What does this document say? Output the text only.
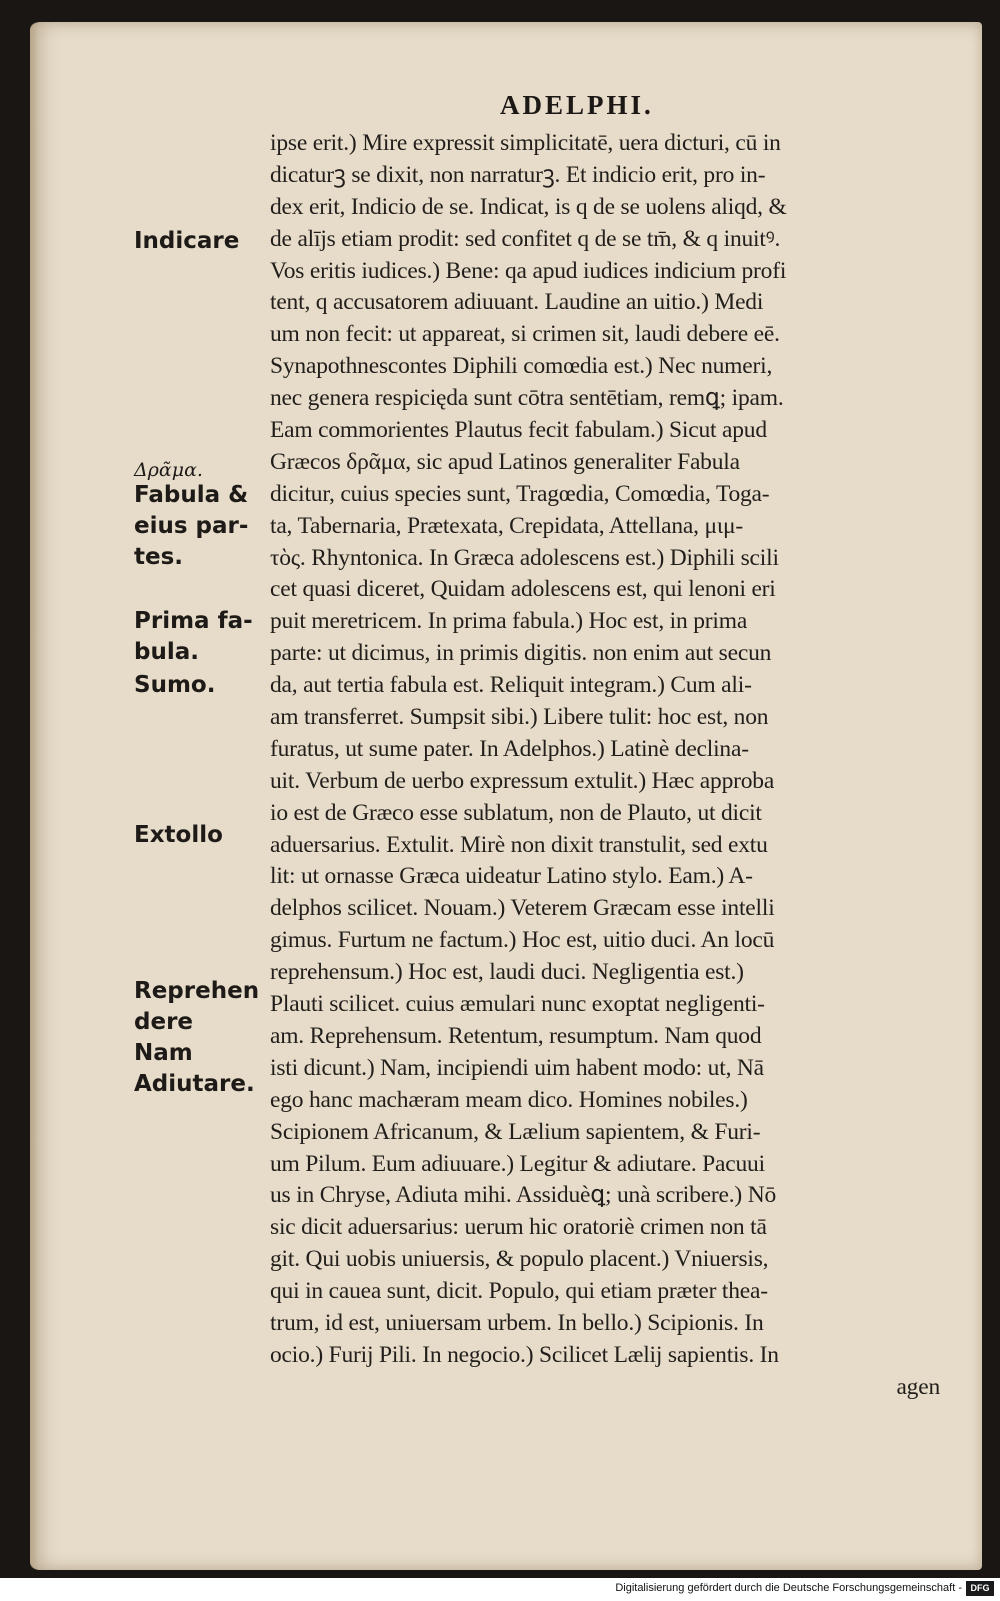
ADELPHI.
Indicare
Δρᾶμα.
Fabula &
eius par-
tes.
Prima fa-
bula.
Sumo.
Extollo
Reprehen
dere
Nam
Adiutare.
ipse erit.) Mire expressit simplicitatē, uera dicturi, cū in
dicaturꝫ se dixit, non narraturꝫ. Et indicio erit, pro in-
dex erit, Indicio de se. Indicat, is q de se uolens aliqd, &
de alījs etiam prodit: sed confitet q de se tm̄, & q inuitꝰ.
Vos eritis iudices.) Bene: qa apud iudices indicium profi
tent, q accusatorem adiuuant. Laudine an uitio.) Medi
um non fecit: ut appareat, si crimen sit, laudi debere eē.
Synapothnescontes Diphili comœdia est.) Nec numeri,
nec genera respicięda sunt cōtra sentētiam, remꝗ; ipam.
Eam commorientes Plautus fecit fabulam.) Sicut apud
Græcos δρᾶμα, sic apud Latinos generaliter Fabula
dicitur, cuius species sunt, Tragœdia, Comœdia, Toga-
ta, Tabernaria, Prætexata, Crepidata, Attellana, μιμ-
τὸς. Rhyntonica. In Græca adolescens est.) Diphili scili
cet quasi diceret, Quidam adolescens est, qui lenoni eri
puit meretricem. In prima fabula.) Hoc est, in prima
parte: ut dicimus, in primis digitis. non enim aut secun
da, aut tertia fabula est. Reliquit integram.) Cum ali-
am transferret. Sumpsit sibi.) Libere tulit: hoc est, non
furatus, ut sume pater. In Adelphos.) Latinè declina-
uit. Verbum de uerbo expressum extulit.) Hæc approba
io est de Græco esse sublatum, non de Plauto, ut dicit
aduersarius. Extulit. Mirè non dixit transtulit, sed extu
lit: ut ornasse Græca uideatur Latino stylo. Eam.) A-
delphos scilicet. Nouam.) Veterem Græcam esse intelli
gimus. Furtum ne factum.) Hoc est, uitio duci. An locū
reprehensum.) Hoc est, laudi duci. Negligentia est.)
Plauti scilicet. cuius æmulari nunc exoptat negligenti-
am. Reprehensum. Retentum, resumptum. Nam quod
isti dicunt.) Nam, incipiendi uim habent modo: ut, Nā
ego hanc machæram meam dico. Homines nobiles.)
Scipionem Africanum, & Lælium sapientem, & Furi-
um Pilum. Eum adiuuare.) Legitur & adiutare. Pacuui
us in Chryse, Adiuta mihi. Assiduèꝗ; unà scribere.) Nō
sic dicit aduersarius: uerum hic oratoriè crimen non tā
git. Qui uobis uniuersis, & populo placent.) Vniuersis,
qui in cauea sunt, dicit. Populo, qui etiam præter thea-
trum, id est, uniuersam urbem. In bello.) Scipionis. In
ocio.) Furij Pili. In negocio.) Scilicet Lælij sapientis. In
agen
Digitalisierung gefördert durch die Deutsche Forschungsgemeinschaft - DFG
